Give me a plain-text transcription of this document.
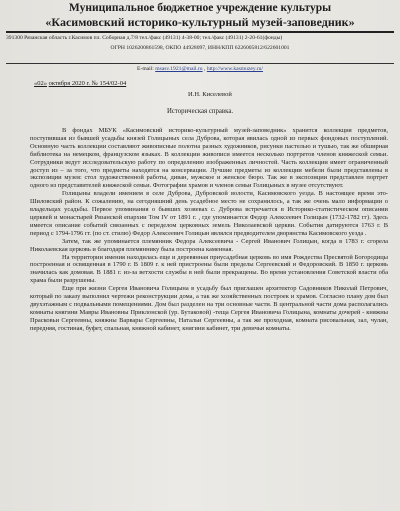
Муниципальное бюджетное учреждение культуры
«Касимовский историко-культурный музей-заповедник»
391300 Рязанская область г.Касимов пл. Соборная д.7/8 тел./факс (49131) 4-38-00; тел./факс (49131) 2-20-61(фонды)
ОГРН 1026200861598, ОКПО 44928097, ИНН/КПП 6226005812/622601001
E-mail: msasv.1921@mail.ru , http://www.kasmuzey.ru/
«02» октября 2020 г. № 154/02-04
И.Н. Киселевой
Историческая справка.

В фондах МБУК «Касимовский историко-культурный музей-заповедник» хранится коллекция предметов, поступившая из бывшей усадьбы князей Голицыных села Дуброва, которая явилась одной из первых фондовых поступлений. Основную часть коллекции составляют живописные полотна разных художников, рисунки пастелью и тушью, так же обширная библиотека на немецком, французском языках. В коллекции живописи имеется несколько портретов членов княжеской семьи. Сотрудники ведут исследовательскую работу по определению изображенных личностей. Часть коллекции имеет ограниченный доступ из – за того, что предметы находятся на консервации. Лучшие предметы из коллекции мебели были представлены в экспозиции музея: стол художественной работы, диван, мужское и женское бюро. Так же в экспозиции представлен портрет одного из представителей княжеской семьи. Фотографии храмов и членов семьи Голицыных в музее отсутствуют.

Голицыны владели имением в селе Дуброва, Дубровской волости, Касимовского уезда. В настоящее время это- Шиловский район. К сожалению, на сегодняшний день усадебное место не сохранилось, а так же очень мало информации о владельцах усадьбы. Первое упоминания о бывших хозяевах с. Дуброва встречается в Историко-статистическом описании церквей и монастырей Рязанской епархии Том IV от 1891 г. , где упоминается Федор Алексеевич Голицын (1732-1782 гг). Здесь имеется описание событий связанных с переделом церковных земель Николаевской церкви. События датируются 1763 г. В период с 1794-1796 гг. (по ст. стилю) Федор Алексеевич Голицын являлся предводителем дворянства Касимовского уезда .

Затем, так же упоминается племянник Федора Алексеевича - Сергей Иванович Голицын, когда в 1783 г. сгорела Николаевская церковь и благодаря племяннику была построена каменная.

На территории имения находилась еще и деревянная приусадебная церковь во имя Рождества Пресвятой Богородицы построенная и освященная в 1790 г. В 1809 г. к ней пристроены были пределы Сергеевский и Федоровский. В 1850 г. церковь значилась как домовая. В 1881 г. из-за ветхости службы в ней были прекращены. Во время установления Советской власти оба храма были разрушены.

Еще при жизни Сергея Ивановича Голицына в усадьбу был приглашен архитектор Садовников Николай Петрович, который по заказу выполнил чертежи реконструкции дома, а так же хозяйственных построек и храмов. Согласно плану дом был двухэтажным с подвальными помещениями. Дом был разделен на три основные части. В центральной части дома располагались комнаты княгини Мавры Ивановны Приклонской (ур. Бутаковой) -теща Сергея Ивановича Голицына, комнаты дочерей - княжны Прасковьи Сергеевны, княжны Варвары Сергеевны, Натальи Сергеевны, а так же проходная, комната рисовальная, зал, чулан, передняя, гостиная, буфет, спальная, княжной кабинет, княгини кабинет, три девичьи комнаты.
